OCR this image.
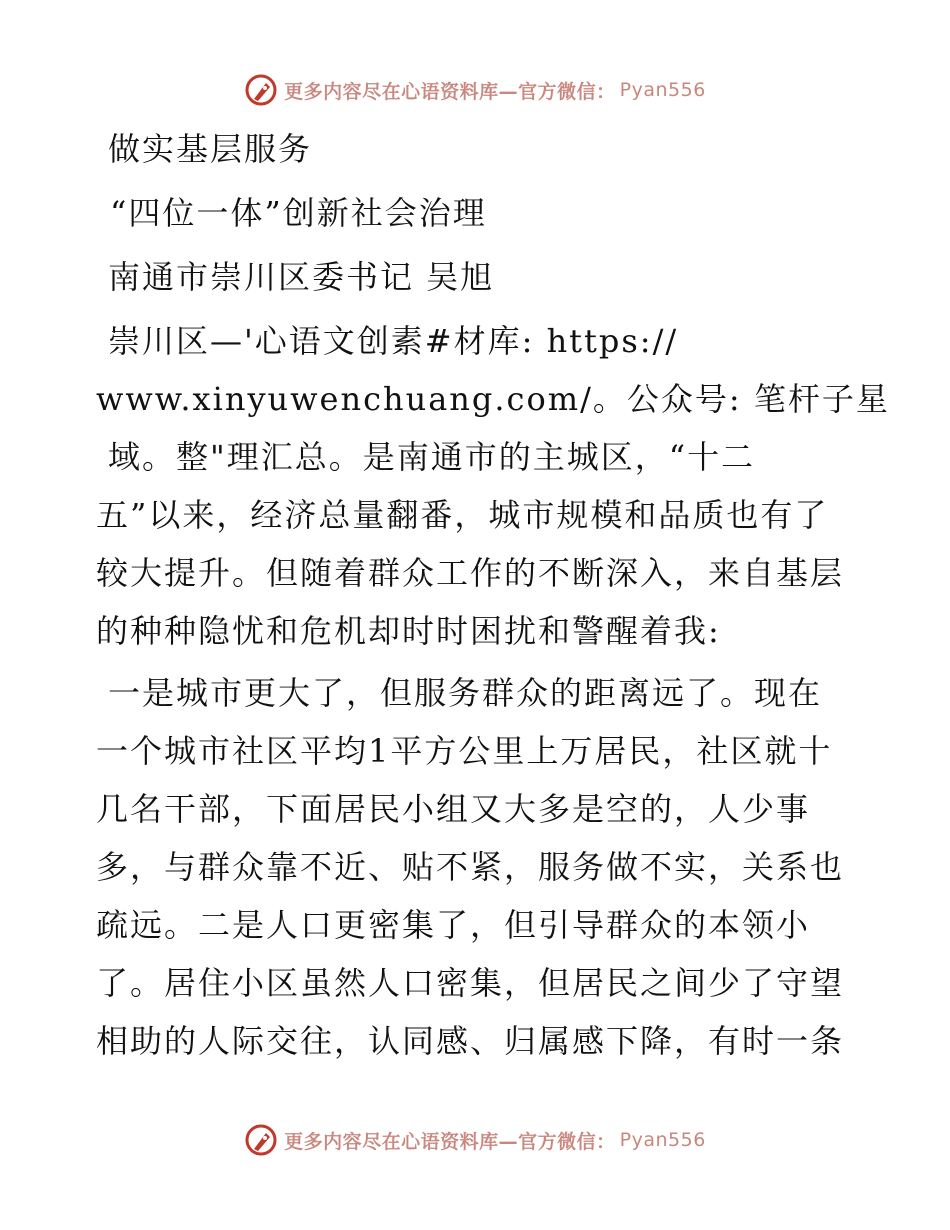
更多内容尽在心语资料库—官方微信： Pyan556
做实基层服务
“四位一体”创新社会治理
南通市崇川区委书记 吴旭
崇川区—'心语文创素#材库: https://
www.xinyuwenchuang.com/。公众号: 笔杆子星
域。整"理汇总。是南通市的主城区，“十二
五”以来，经济总量翻番，城市规模和品质也有了
较大提升。但随着群众工作的不断深入，来自基层
的种种隐忧和危机却时时困扰和警醒着我:
一是城市更大了，但服务群众的距离远了。现在
一个城市社区平均1平方公里上万居民，社区就十
几名干部，下面居民小组又大多是空的，人少事
多，与群众靠不近、贴不紧，服务做不实，关系也
疏远。二是人口更密集了，但引导群众的本领小
了。居住小区虽然人口密集，但居民之间少了守望
相助的人际交往，认同感、归属感下降，有时一条
更多内容尽在心语资料库—官方微信： Pyan556
